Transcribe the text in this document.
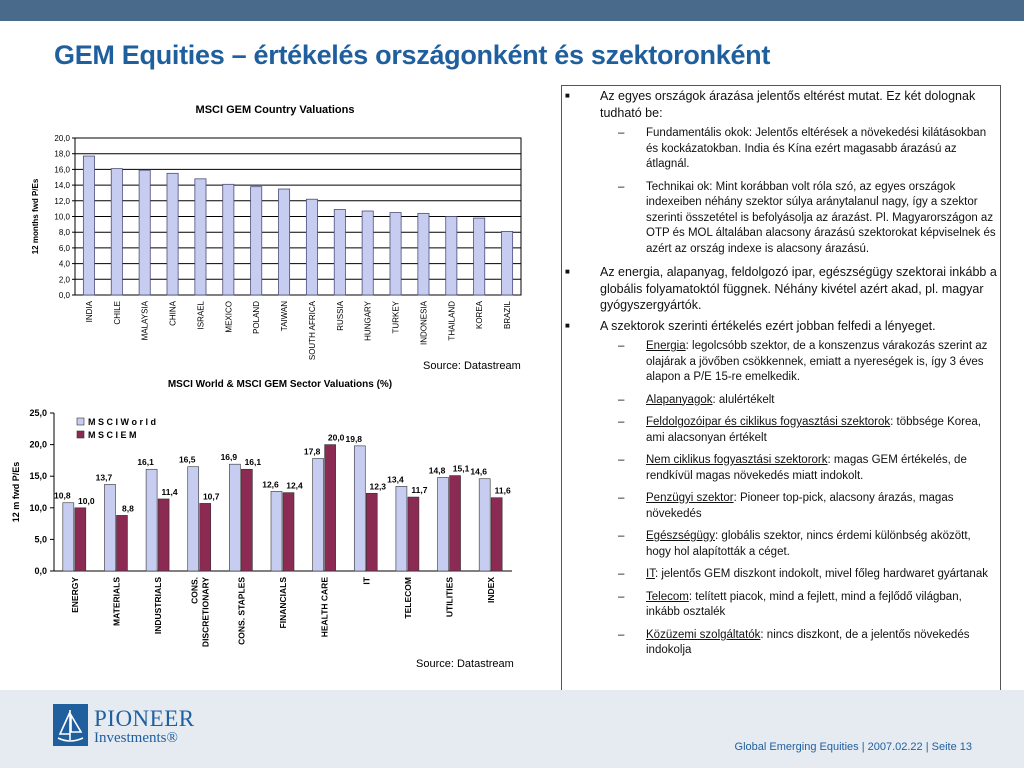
GEM Equities – értékelés országonként és szektoronként
MSCI GEM Country Valuations
0,0
2,0
4,0
6,0
8,0
10,0
12,0
14,0
16,0
18,0
20,0
12 months fwd P/Es
INDIA CHILE MALAYSIA CHINA ISRAEL MEXICO POLAND TAIWAN SOUTH AFRICA RUSSIA HUNGARY TURKEY INDONESIA THAILAND KOREA BRAZIL
Source: Datastream
MSCI World & MSCI GEM Sector Valuations (%)
0,0
5,0
10,0
15,0
20,0
25,0
12 m fwd P/Es	10,8
10,0
ENERGY
13,7
8,8
MATERIALS
16,1
11,4
INDUSTRIALS
16,5
10,7
CONS. DISCRETIONARY
16,9
16,1
CONS. STAPLES
12,6 12,4
FINANCIALS
17,8
20,0
HEALTH CARE
19,8
12,3
IT
13,4
11,7
TELECOM
14,8 15,1
UTILITIES
14,6
11,6
INDEX
M S C I W o r l d
M S C I E M
Source: Datastream
■ Az egyes országok árazása jelentős eltérést mutat. Ez két dolognak tudható be:
– Fundamentális okok: Jelentős eltérések a növekedési kilátásokban és kockázatokban. India és Kína ezért magasabb árazású az átlagnál.
– Technikai ok: Mint korábban volt róla szó, az egyes országok indexeiben néhány szektor súlya aránytalanul nagy, így a szektor szerinti összetétel is befolyásolja az árazást. Pl. Magyarországon az OTP és MOL általában alacsony árazású szektorokat képviselnek és azért az ország indexe is alacsony árazású.
■ Az energia, alapanyag, feldolgozó ipar, egészségügy szektorai inkább a globális folyamatoktól függnek. Néhány kivétel azért akad, pl. magyar gyógyszergyártók.
■ A szektorok szerinti értékelés ezért jobban felfedi a lényeget.
– Energia: legolcsóbb szektor, de a konszenzus várakozás szerint az olajárak a jövőben csökkennek, emiatt a nyereségek is, így 3 éves alapon a P/E 15-re emelkedik.
– Alapanyagok: alulértékelt
– Feldolgozóipar és ciklikus fogyasztási szektorok: többsége Korea, ami alacsonyan értékelt
– Nem ciklikus fogyasztási szektorork: magas GEM értékelés, de rendkívül magas növekedés miatt indokolt.
– Penzügyi szektor: Pioneer top-pick, alacsony árazás, magas növekedés
– Egészségügy: globális szektor, nincs érdemi különbség aközött, hogy hol alapították a céget.
– IT: jelentős GEM diszkont indokolt, mivel főleg hardwaret gyártanak
– Telecom: telített piacok, mind a fejlett, mind a fejlődő világban, inkább osztalék
– Közüzemi szolgáltatók: nincs diszkont, de a jelentős növekedés indokolja
PIONEER
Investments®
Global Emerging Equities | 2007.02.22 | Seite 13
